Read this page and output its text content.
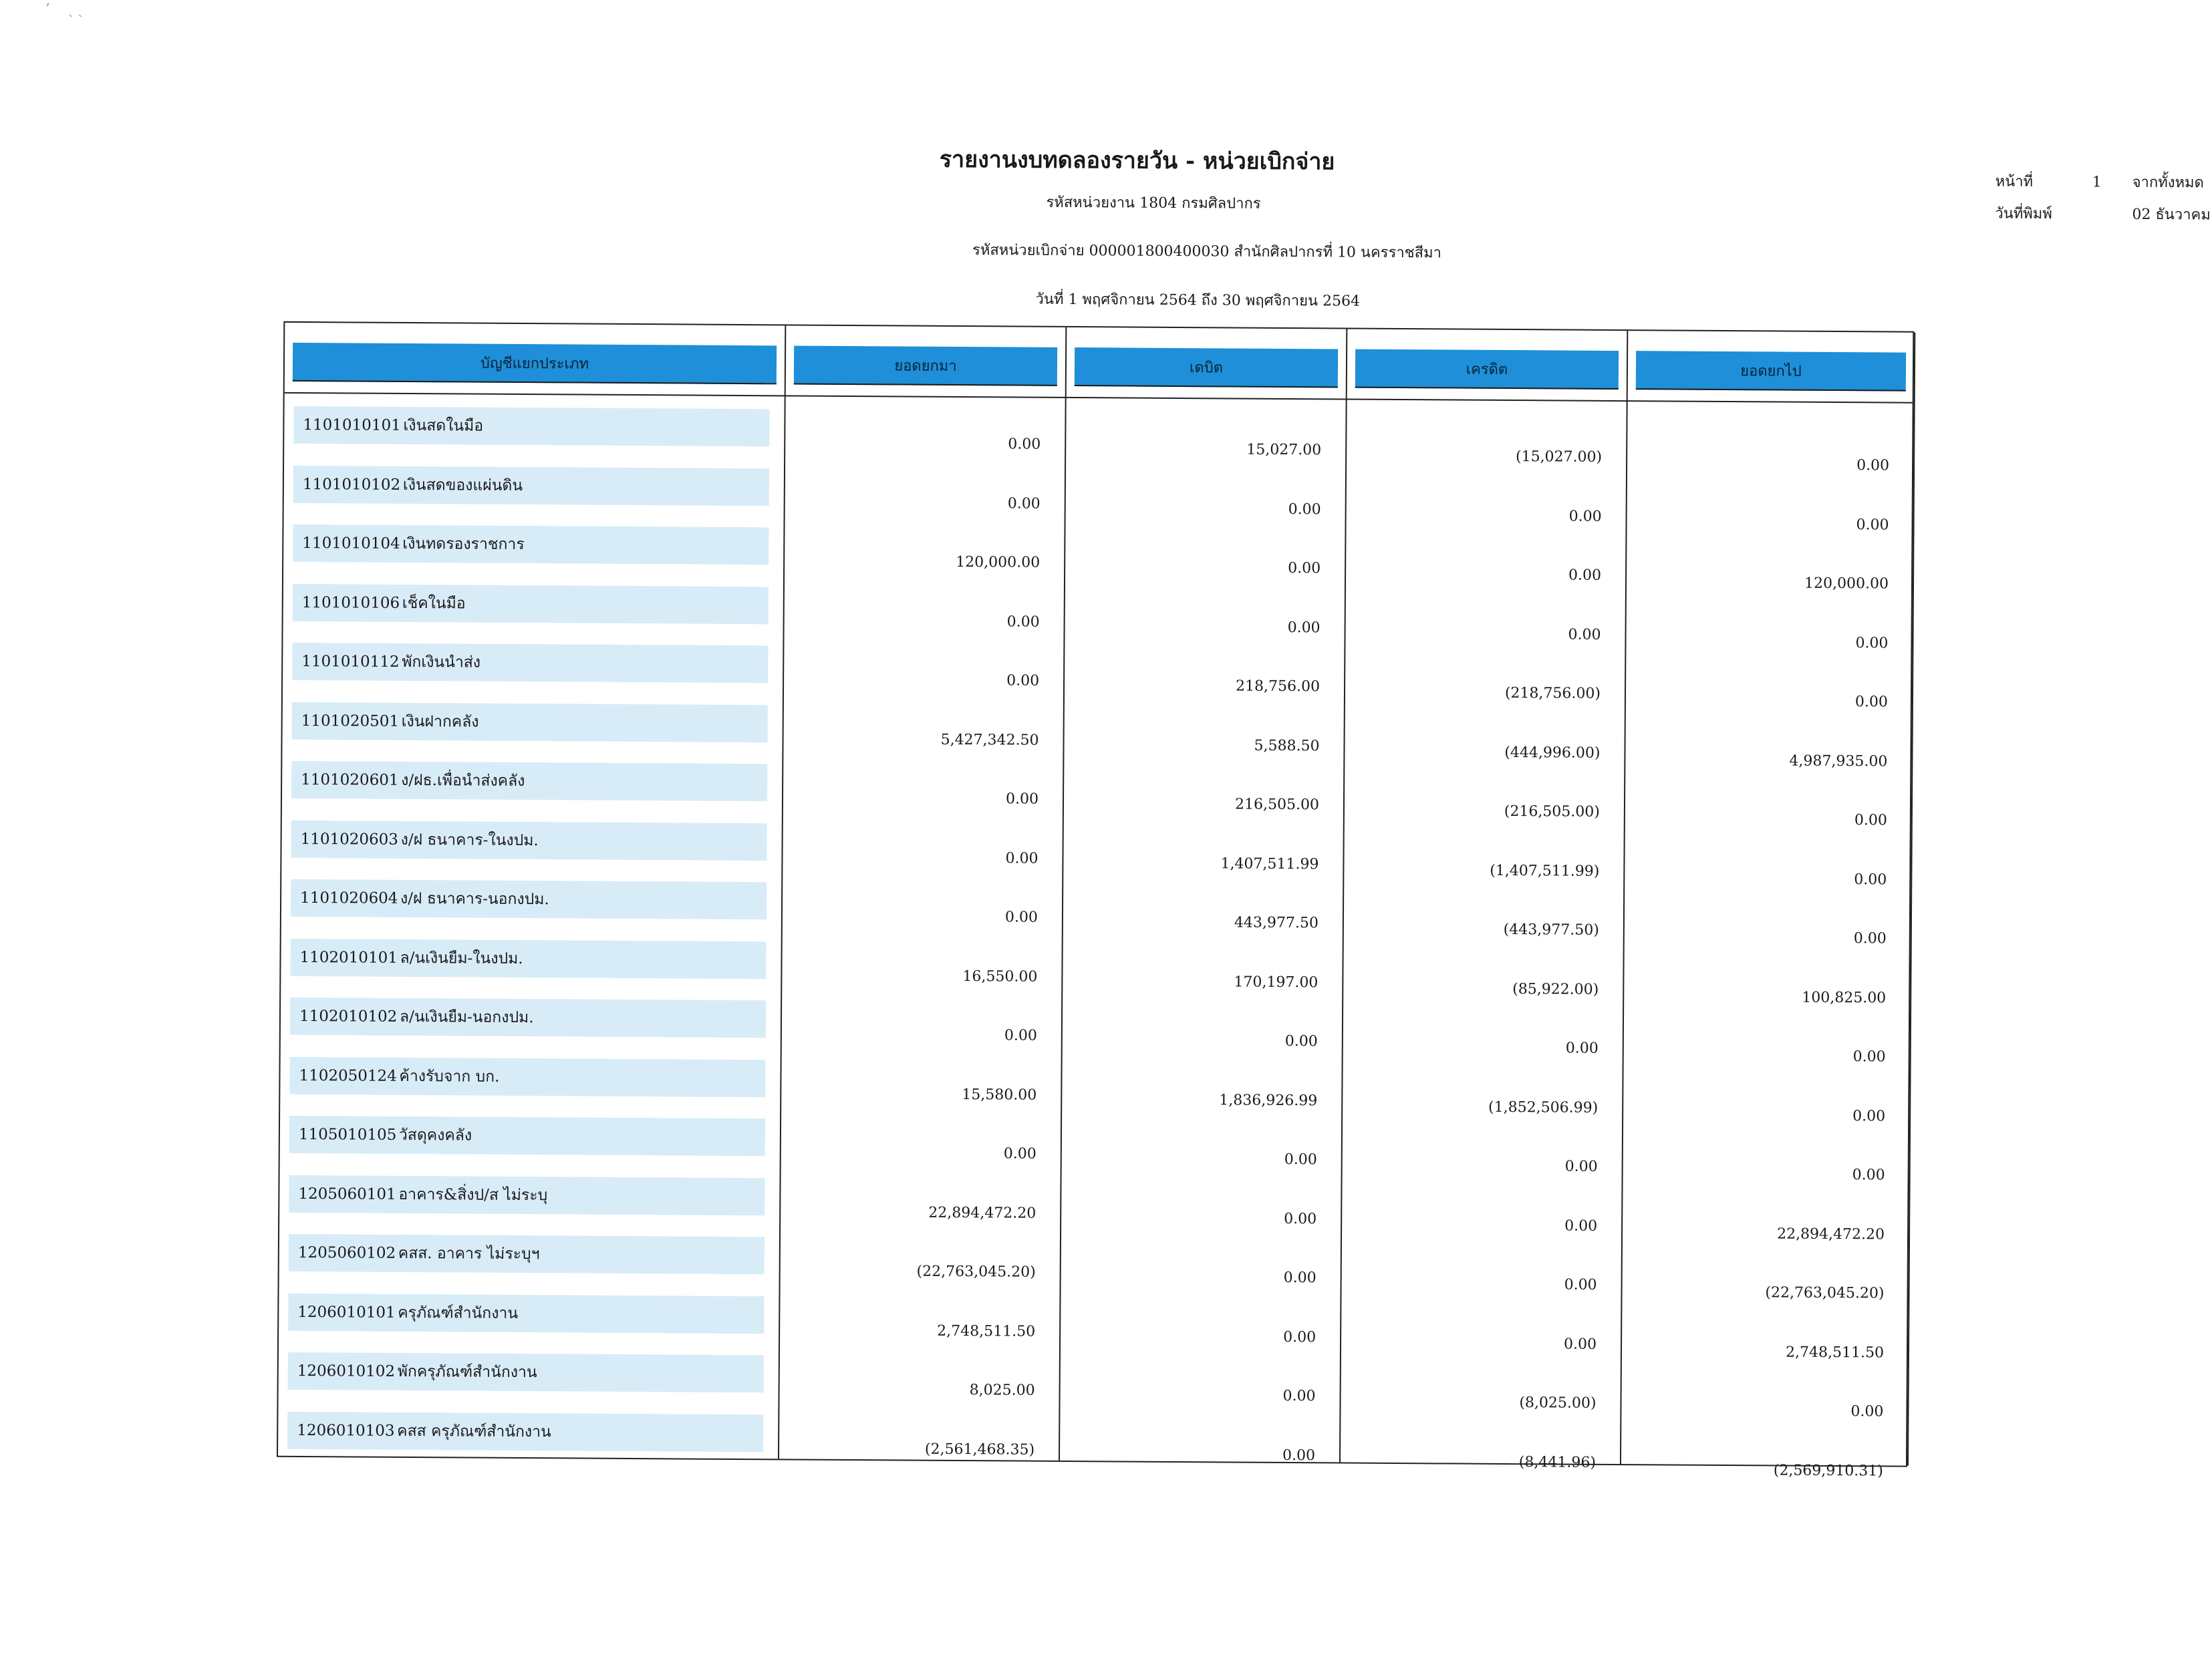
ʼ    ˎ ˏ
รายงานงบทดลองรายวัน - หน่วยเบิกจ่าย
รหัสหน่วยงาน 1804 กรมศิลปากร
รหัสหน่วยเบิกจ่าย 000001800400030 สำนักศิลปากรที่ 10 นครราชสีมา
วันที่ 1 พฤศจิกายน 2564 ถึง 30 พฤศจิกายน 2564
หน้าที่	1 จากทั้งหมด
วันที่พิมพ์	02 ธันวาคม
บัญชีแยกประเภท
1101010101 เงินสดในมือ
1101010102 เงินสดของแผ่นดิน
1101010104 เงินทดรองราชการ
1101010106 เช็คในมือ
1101010112 พักเงินนำส่ง
1101020501 เงินฝากคลัง
1101020601 ง/ฝธ.เพื่อนำส่งคลัง
1101020603 ง/ฝ ธนาคาร-ในงปม.
1101020604 ง/ฝ ธนาคาร-นอกงปม.
1102010101 ล/นเงินยืม-ในงปม.
1102010102 ล/นเงินยืม-นอกงปม.
1102050124 ค้างรับจาก บก.
1105010105 วัสดุคงคลัง
1205060101 อาคาร&สิ่งป/ส ไม่ระบุ
1205060102 คสส. อาคาร ไม่ระบุฯ
1206010101 ครุภัณฑ์สำนักงาน
1206010102 พักครุภัณฑ์สำนักงาน
1206010103 คสส ครุภัณฑ์สำนักงาน
ยอดยกมา
0.00
0.00
120,000.00
0.00
0.00
5,427,342.50
0.00
0.00
0.00
16,550.00
0.00
15,580.00
0.00
22,894,472.20
(22,763,045.20)
2,748,511.50
8,025.00
(2,561,468.35)
เดบิต
15,027.00
0.00
0.00
0.00
218,756.00
5,588.50
216,505.00
1,407,511.99
443,977.50
170,197.00
0.00
1,836,926.99
0.00
0.00
0.00
0.00
0.00
0.00
เครดิต
(15,027.00)
0.00
0.00
0.00
(218,756.00)
(444,996.00)
(216,505.00)
(1,407,511.99)
(443,977.50)
(85,922.00)
0.00
(1,852,506.99)
0.00
0.00
0.00
0.00
(8,025.00)
(8,441.96)
ยอดยกไป
0.00
0.00
120,000.00
0.00
0.00
4,987,935.00
0.00
0.00
0.00
100,825.00
0.00
0.00
0.00
22,894,472.20
(22,763,045.20)
2,748,511.50
0.00
(2,569,910.31)
